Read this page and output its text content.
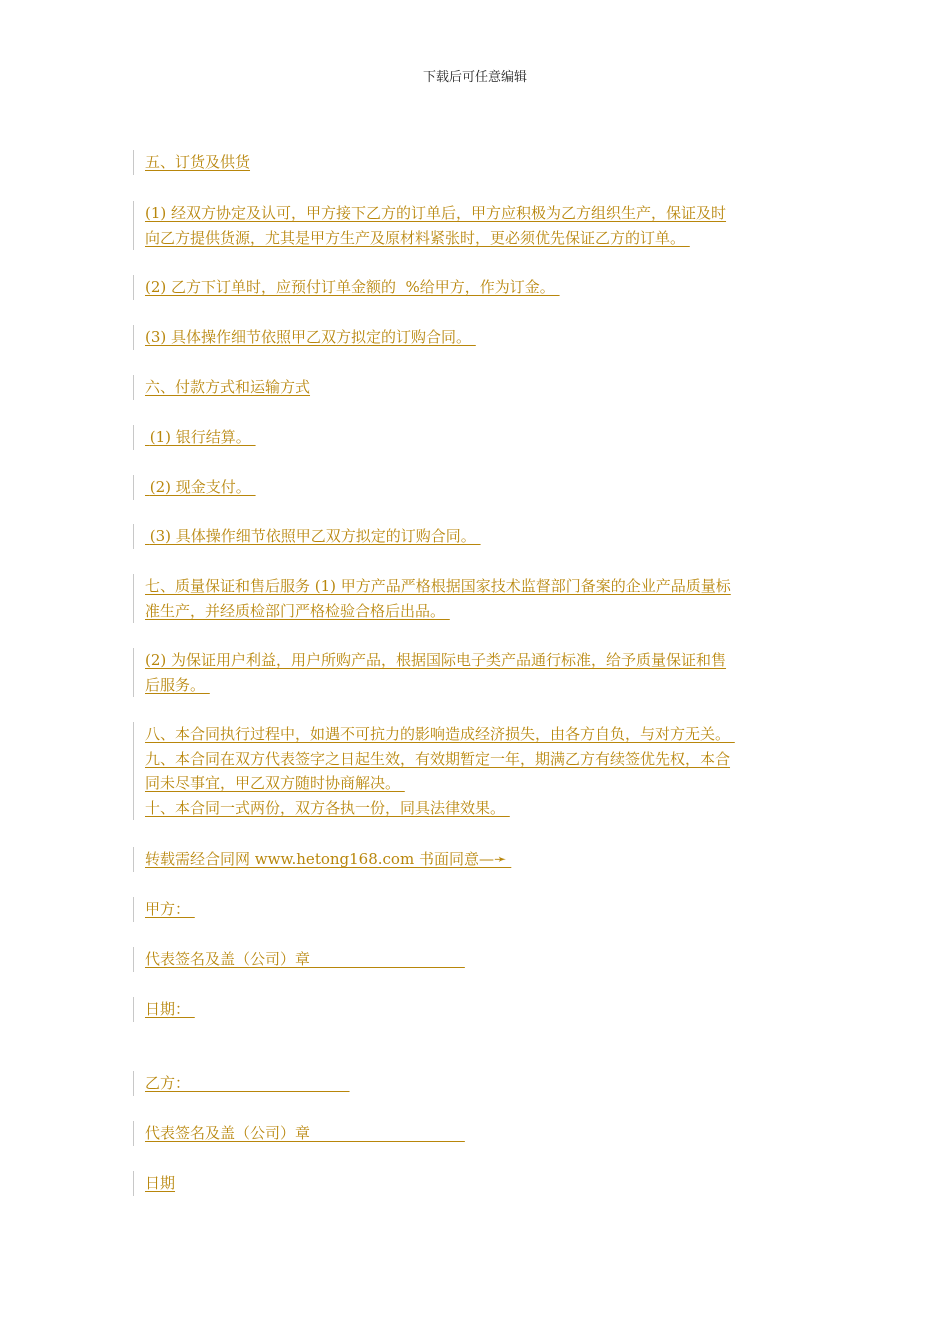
下载后可任意编辑
五、订货及供货
(1) 经双方协定及认可，甲方接下乙方的订单后，甲方应积极为乙方组织生产，保证及时
向乙方提供货源，尤其是甲方生产及原材料紧张时，更必须优先保证乙方的订单。
(2) 乙方下订单时，应预付订单金额的  %给甲方，作为订金。
(3) 具体操作细节依照甲乙双方拟定的订购合同。
六、付款方式和运输方式
(1) 银行结算。
(2) 现金支付。
(3) 具体操作细节依照甲乙双方拟定的订购合同。
七、质量保证和售后服务 (1) 甲方产品严格根据国家技术监督部门备案的企业产品质量标
准生产，并经质检部门严格检验合格后出品。
(2) 为保证用户利益，用户所购产品，根据国际电子类产品通行标准，给予质量保证和售
后服务。
八、本合同执行过程中，如遇不可抗力的影响造成经济损失，由各方自负，与对方无关。
九、本合同在双方代表签字之日起生效，有效期暂定一年，期满乙方有续签优先权，本合
同未尽事宜，甲乙双方随时协商解决。
十、本合同一式两份，双方各执一份，同具法律效果。
转载需经合同网 www.hetong168.com 书面同意—➛
甲方：
代表签名及盖（公司）章 ____________________
日期：
乙方：  ____________________
代表签名及盖（公司）章 ____________________
日期
